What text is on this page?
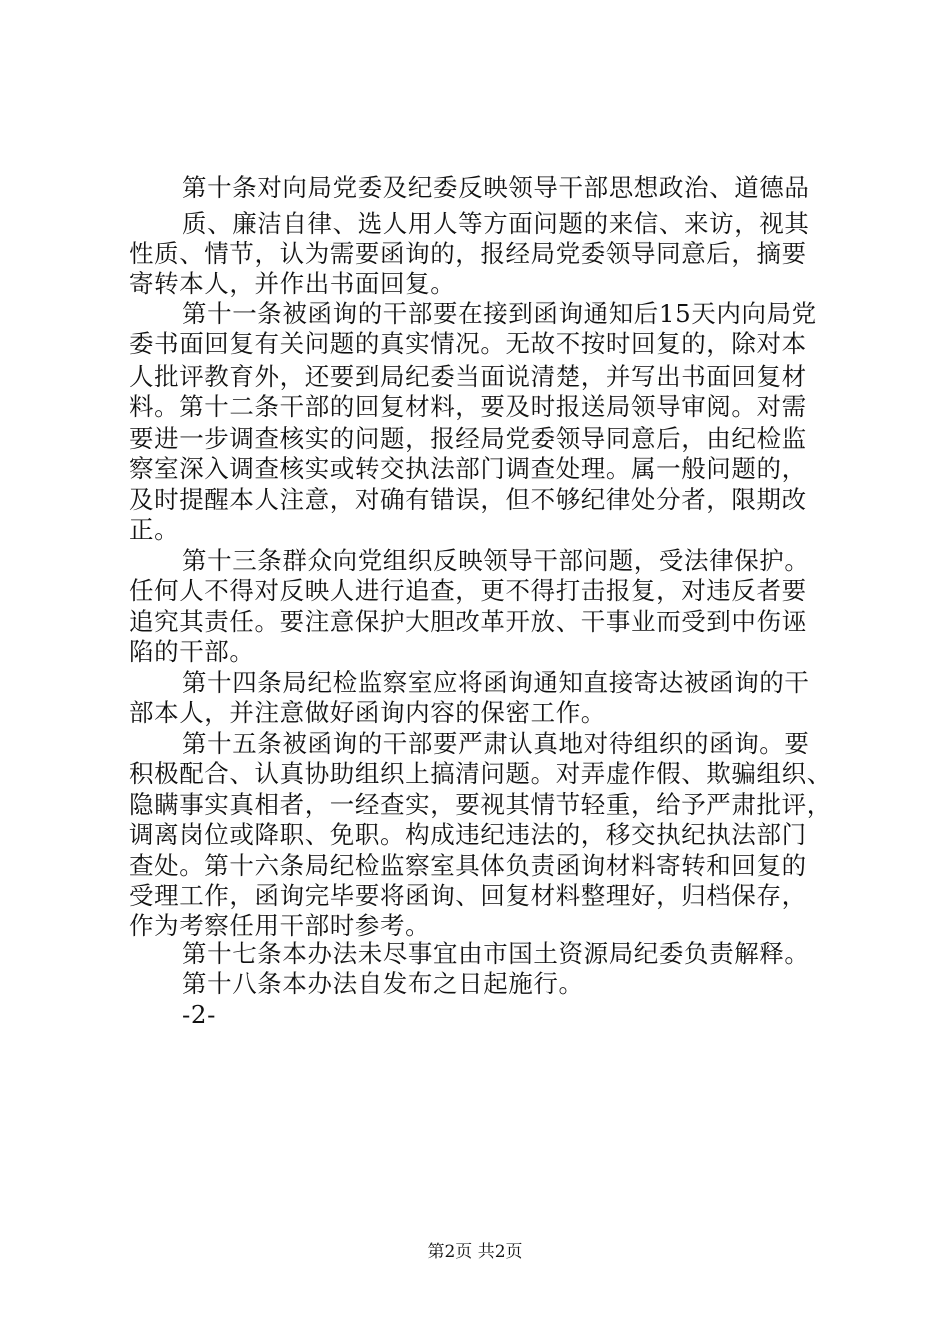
第十条对向局党委及纪委反映领导干部思想政治、道德品
质、廉洁自律、选人用人等方面问题的来信、来访，视其
性质、情节，认为需要函询的，报经局党委领导同意后，摘要
寄转本人，并作出书面回复。
第十一条被函询的干部要在接到函询通知后15天内向局党
委书面回复有关问题的真实情况。无故不按时回复的，除对本
人批评教育外，还要到局纪委当面说清楚，并写出书面回复材
料。第十二条干部的回复材料，要及时报送局领导审阅。对需
要进一步调查核实的问题，报经局党委领导同意后，由纪检监
察室深入调查核实或转交执法部门调查处理。属一般问题的，
及时提醒本人注意，对确有错误，但不够纪律处分者，限期改
正。
第十三条群众向党组织反映领导干部问题，受法律保护。
任何人不得对反映人进行追查，更不得打击报复，对违反者要
追究其责任。要注意保护大胆改革开放、干事业而受到中伤诬
陷的干部。
第十四条局纪检监察室应将函询通知直接寄达被函询的干
部本人，并注意做好函询内容的保密工作。
第十五条被函询的干部要严肃认真地对待组织的函询。要
积极配合、认真协助组织上搞清问题。对弄虚作假、欺骗组织、
隐瞒事实真相者，一经查实，要视其情节轻重，给予严肃批评，
调离岗位或降职、免职。构成违纪违法的，移交执纪执法部门
查处。第十六条局纪检监察室具体负责函询材料寄转和回复的
受理工作，函询完毕要将函询、回复材料整理好，归档保存，
作为考察任用干部时参考。
第十七条本办法未尽事宜由市国土资源局纪委负责解释。
第十八条本办法自发布之日起施行。
-2-
第2页 共2页
